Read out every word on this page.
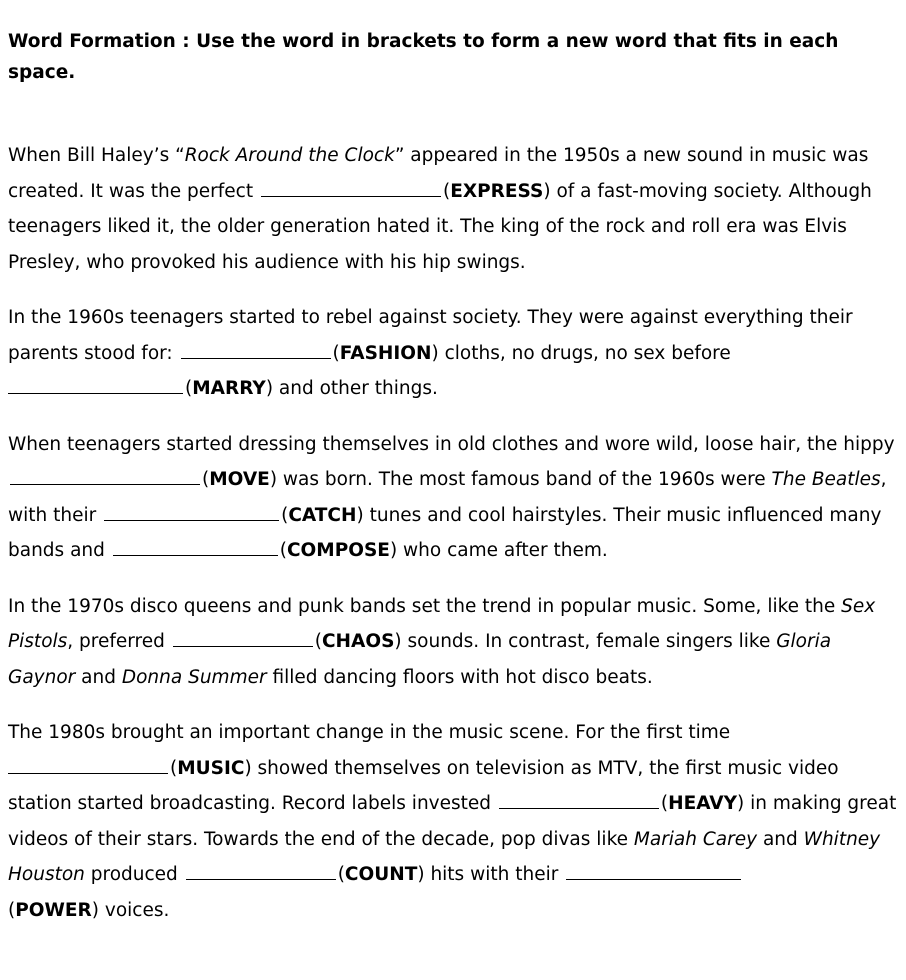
Word Formation : Use the word in brackets to form a new word that fits in each space.

When Bill Haley’s “Rock Around the Clock” appeared in the 1950s a new sound in music was created. It was the perfect	(EXPRESS) of a fast-moving society. Although teenagers liked it, the older generation hated it. The king of the rock and roll era was Elvis Presley, who provoked his audience with his hip swings.

In the 1960s teenagers started to rebel against society. They were against everything their parents stood for:	(FASHION) cloths, no drugs, no sex before
(MARRY) and other things.

When teenagers started dressing themselves in old clothes and wore wild, loose hair, the hippy (MOVE) was born. The most famous band of the 1960s were The Beatles, with their	(CATCH) tunes and cool hairstyles. Their music influenced many bands and	(COMPOSE) who came after them.

In the 1970s disco queens and punk bands set the trend in popular music. Some, like the Sex Pistols, preferred	(CHAOS) sounds. In contrast, female singers like Gloria Gaynor and Donna Summer filled dancing floors with hot disco beats.

The 1980s brought an important change in the music scene. For the first time
(MUSIC) showed themselves on television as MTV, the first music video station started broadcasting. Record labels invested	(HEAVY) in making great videos of their stars. Towards the end of the decade, pop divas like Mariah Carey and Whitney Houston produced	(COUNT) hits with their
(POWER) voices.
